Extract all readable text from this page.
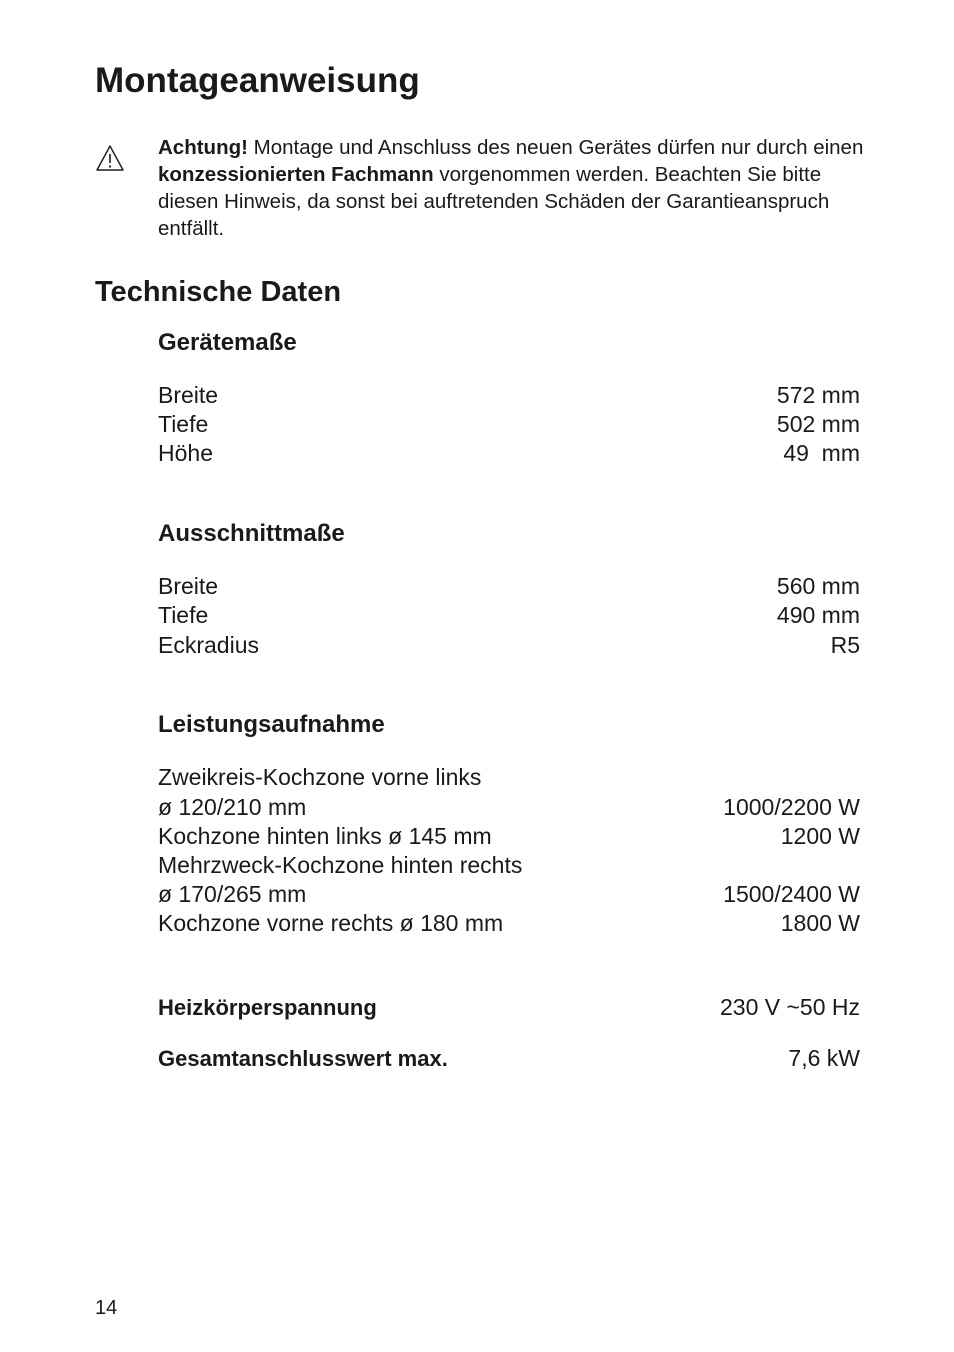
Montageanweisung

Achtung! Montage und Anschluss des neuen Gerätes dürfen nur durch einen konzessionierten Fachmann vorgenommen werden. Beachten Sie bitte diesen Hinweis, da sonst bei auftretenden Schäden der Garantieanspruch entfällt.

Technische Daten
Gerätemaße
Breite	572 mm
Tiefe	502 mm
Höhe	49  mm
Ausschnittmaße
Breite	560 mm
Tiefe	490 mm
Eckradius	R5
Leistungsaufnahme
Zweikreis-Kochzone vorne links
ø 120/210 mm	1000/2200 W
Kochzone hinten links ø 145 mm	1200 W
Mehrzweck-Kochzone hinten rechts
ø 170/265 mm	1500/2400 W
Kochzone vorne rechts ø 180 mm	1800 W
Heizkörperspannung	230 V ~50 Hz
Gesamtanschlusswert max.	7,6 kW
14
